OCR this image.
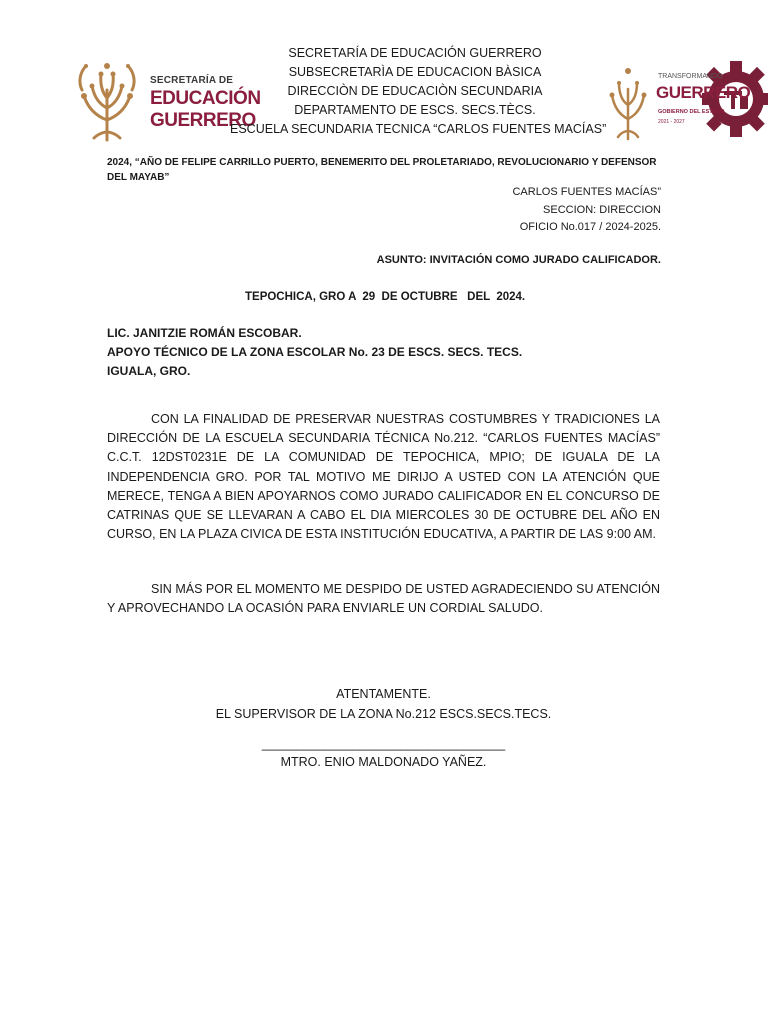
SECRETARÍA DE
EDUCACIÓN
GUERRERO
SECRETARÍA DE EDUCACIÓN GUERRERO
SUBSECRETARÌA DE EDUCACION BÀSICA
DIRECCIÒN DE EDUCACIÒN SECUNDARIA
DEPARTAMENTO DE ESCS. SECS.TÈCS.
ESCUELA SECUNDARIA TECNICA “CARLOS FUENTES MACÍAS”
TRANSFORMANDO
GUERRERO
GOBIERNO DEL ESTADO
2021 - 2027
2024, “AÑO DE FELIPE CARRILLO PUERTO, BENEMERITO DEL PROLETARIADO, REVOLUCIONARIO Y DEFENSOR DEL MAYAB”
CARLOS FUENTES MACÍAS”
SECCION: DIRECCION
OFICIO No.017 / 2024-2025.
ASUNTO: INVITACIÓN COMO JURADO CALIFICADOR.
TEPOCHICA, GRO A  29  DE OCTUBRE   DEL  2024.
LIC. JANITZIE ROMÁN ESCOBAR.
APOYO TÉCNICO DE LA ZONA ESCOLAR No. 23 DE ESCS. SECS. TECS.
IGUALA, GRO.
CON LA FINALIDAD DE PRESERVAR NUESTRAS COSTUMBRES Y TRADICIONES LA DIRECCIÓN DE LA ESCUELA SECUNDARIA TÉCNICA No.212. “CARLOS FUENTES MACÍAS” C.C.T. 12DST0231E DE LA COMUNIDAD DE TEPOCHICA, MPIO; DE IGUALA DE LA INDEPENDENCIA GRO. POR TAL MOTIVO ME DIRIJO A USTED CON LA ATENCIÓN QUE MERECE, TENGA A BIEN APOYARNOS COMO JURADO CALIFICADOR EN EL CONCURSO DE CATRINAS QUE SE LLEVARAN A CABO EL DIA MIERCOLES 30 DE OCTUBRE DEL AÑO EN CURSO, EN LA PLAZA CIVICA DE ESTA INSTITUCIÓN EDUCATIVA, A PARTIR DE LAS 9:00 AM.
SIN MÁS POR EL MOMENTO ME DESPIDO DE USTED AGRADECIENDO SU ATENCIÓN Y APROVECHANDO LA OCASIÓN PARA ENVIARLE UN CORDIAL SALUDO.
ATENTAMENTE.
EL SUPERVISOR DE LA ZONA No.212 ESCS.SECS.TECS.
___________________________________
MTRO. ENIO MALDONADO YAÑEZ.
